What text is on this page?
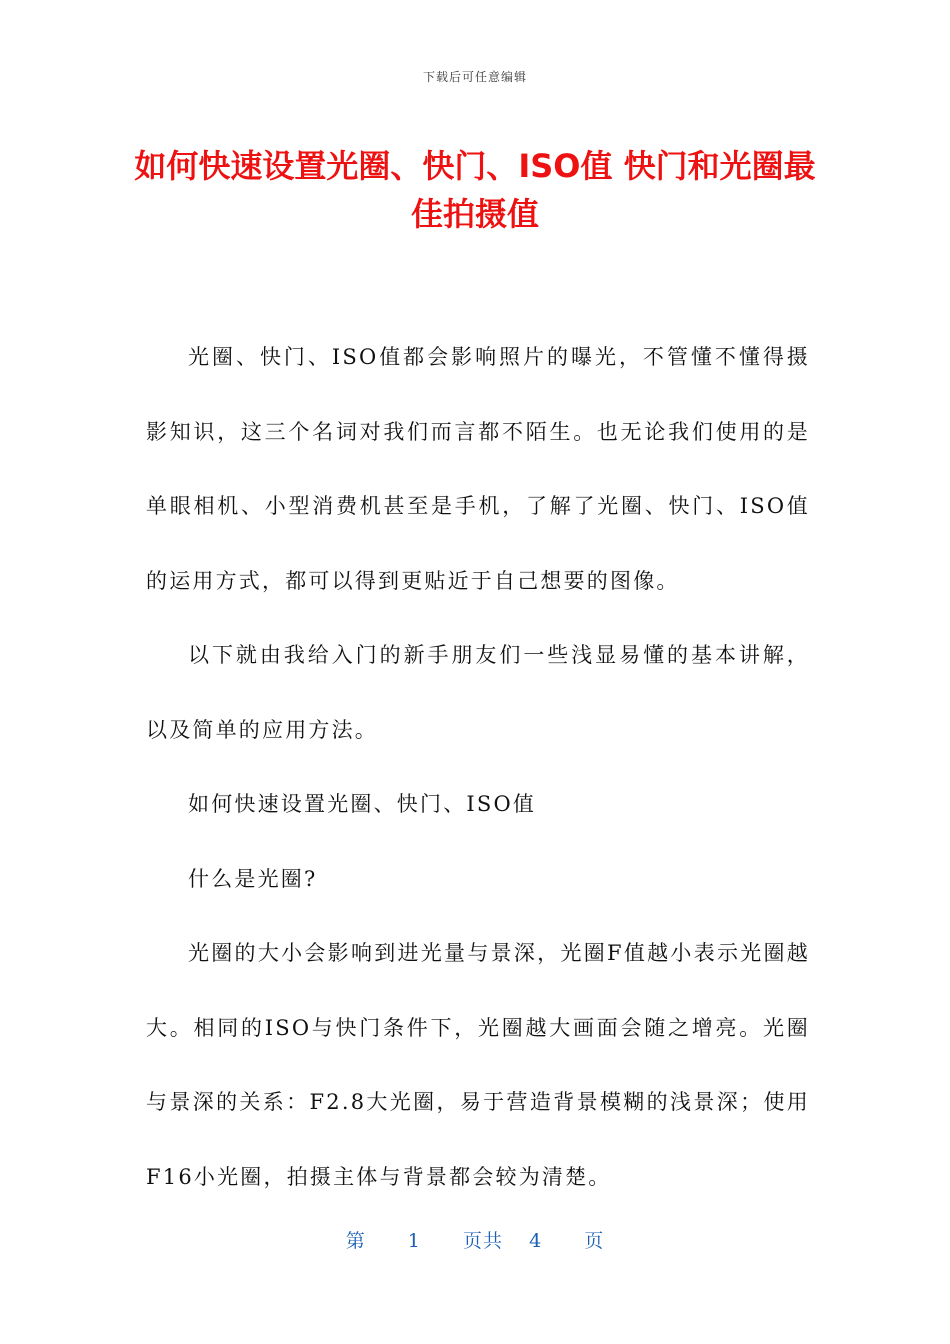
下载后可任意编辑
如何快速设置光圈、快门、ISO值 快门和光圈最佳拍摄值

光圈、快门、ISO值都会影响照片的曝光，不管懂不懂得摄影知识，这三个名词对我们而言都不陌生。也无论我们使用的是单眼相机、小型消费机甚至是手机，了解了光圈、快门、ISO值的运用方式，都可以得到更贴近于自己想要的图像。

以下就由我给入门的新手朋友们一些浅显易懂的基本讲解，以及简单的应用方法。

如何快速设置光圈、快门、ISO值

什么是光圈?

光圈的大小会影响到进光量与景深，光圈F值越小表示光圈越大。相同的ISO与快门条件下，光圈越大画面会随之增亮。光圈与景深的关系：F2.8大光圈，易于营造背景模糊的浅景深；使用F16小光圈，拍摄主体与背景都会较为清楚。

第 1 页共 4 页
